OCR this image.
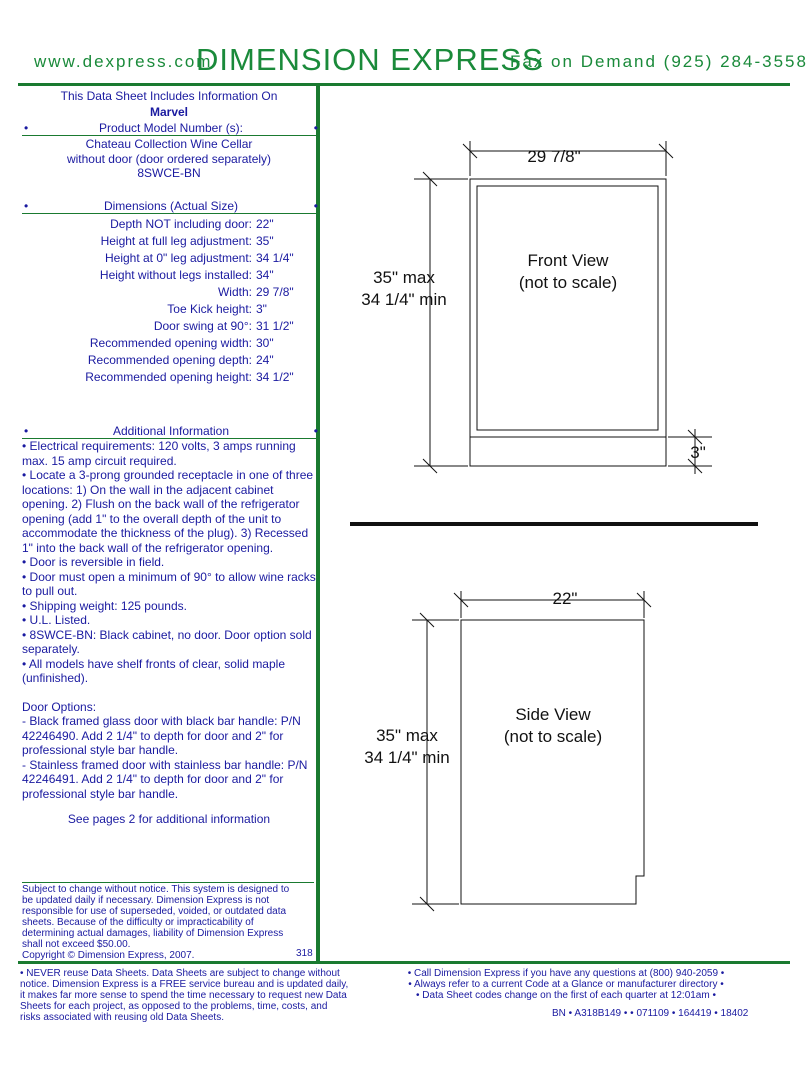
www.dexpress.com
DIMENSION EXPRESS
Fax on Demand (925) 284-3558
This Data Sheet Includes Information On
Marvel
•	Product Model Number (s):	•
Chateau Collection Wine Cellar
without door (door ordered separately)
8SWCE-BN
•	Dimensions (Actual Size)	•
Depth NOT including door: 22"
Height at full leg adjustment: 35"
Height at 0" leg adjustment: 34 1/4"
Height without legs installed: 34"
Width: 29 7/8"
Toe Kick height: 3"
Door swing at 90°: 31 1/2"
Recommended opening width: 30"
Recommended opening depth: 24"
Recommended opening height: 34 1/2"
•	Additional Information	•
• Electrical requirements: 120 volts, 3 amps running max. 15 amp circuit required.
• Locate a 3-prong grounded receptacle in one of three locations: 1) On the wall in the adjacent cabinet opening. 2) Flush on the back wall of the refrigerator opening (add 1" to the overall depth of the unit to accommodate the thickness of the plug). 3) Recessed 1" into the back wall of the refrigerator opening.
• Door is reversible in field.
• Door must open a minimum of 90° to allow wine racks to pull out.
• Shipping weight: 125 pounds.
• U.L. Listed.
• 8SWCE-BN: Black cabinet, no door. Door option sold separately.
• All models have shelf fronts of clear, solid maple (unfinished).
Door Options:
- Black framed glass door with black bar handle: P/N 42246490. Add 2 1/4" to depth for door and 2" for professional style bar handle.
- Stainless framed door with stainless bar handle: P/N 42246491. Add 2 1/4" to depth for door and 2" for professional style bar handle.
See pages 2 for additional information
Subject to change without notice. This system is designed to be updated daily if necessary. Dimension Express is not responsible for use of superseded, voided, or outdated data sheets. Because of the difficulty or impracticability of determining actual damages, liability of Dimension Express shall not exceed $50.00.
Copyright © Dimension Express, 2007.	318
29 7/8"
Front View
(not to scale)
35" max
34 1/4" min
3"
22"
Side View
(not to scale)
35" max
34 1/4" min
• NEVER reuse Data Sheets. Data Sheets are subject to change without notice. Dimension Express is a FREE service bureau and is updated daily, it makes far more sense to spend the time necessary to request new Data Sheets for each project, as opposed to the problems, time, costs, and risks associated with reusing old Data Sheets.
• Call Dimension Express if you have any questions at (800) 940-2059 •
• Always refer to a current Code at a Glance or manufacturer directory •
• Data Sheet codes change on the first of each quarter at 12:01am •
BN • A318B149 • • 071109 • 164419 • 18402
